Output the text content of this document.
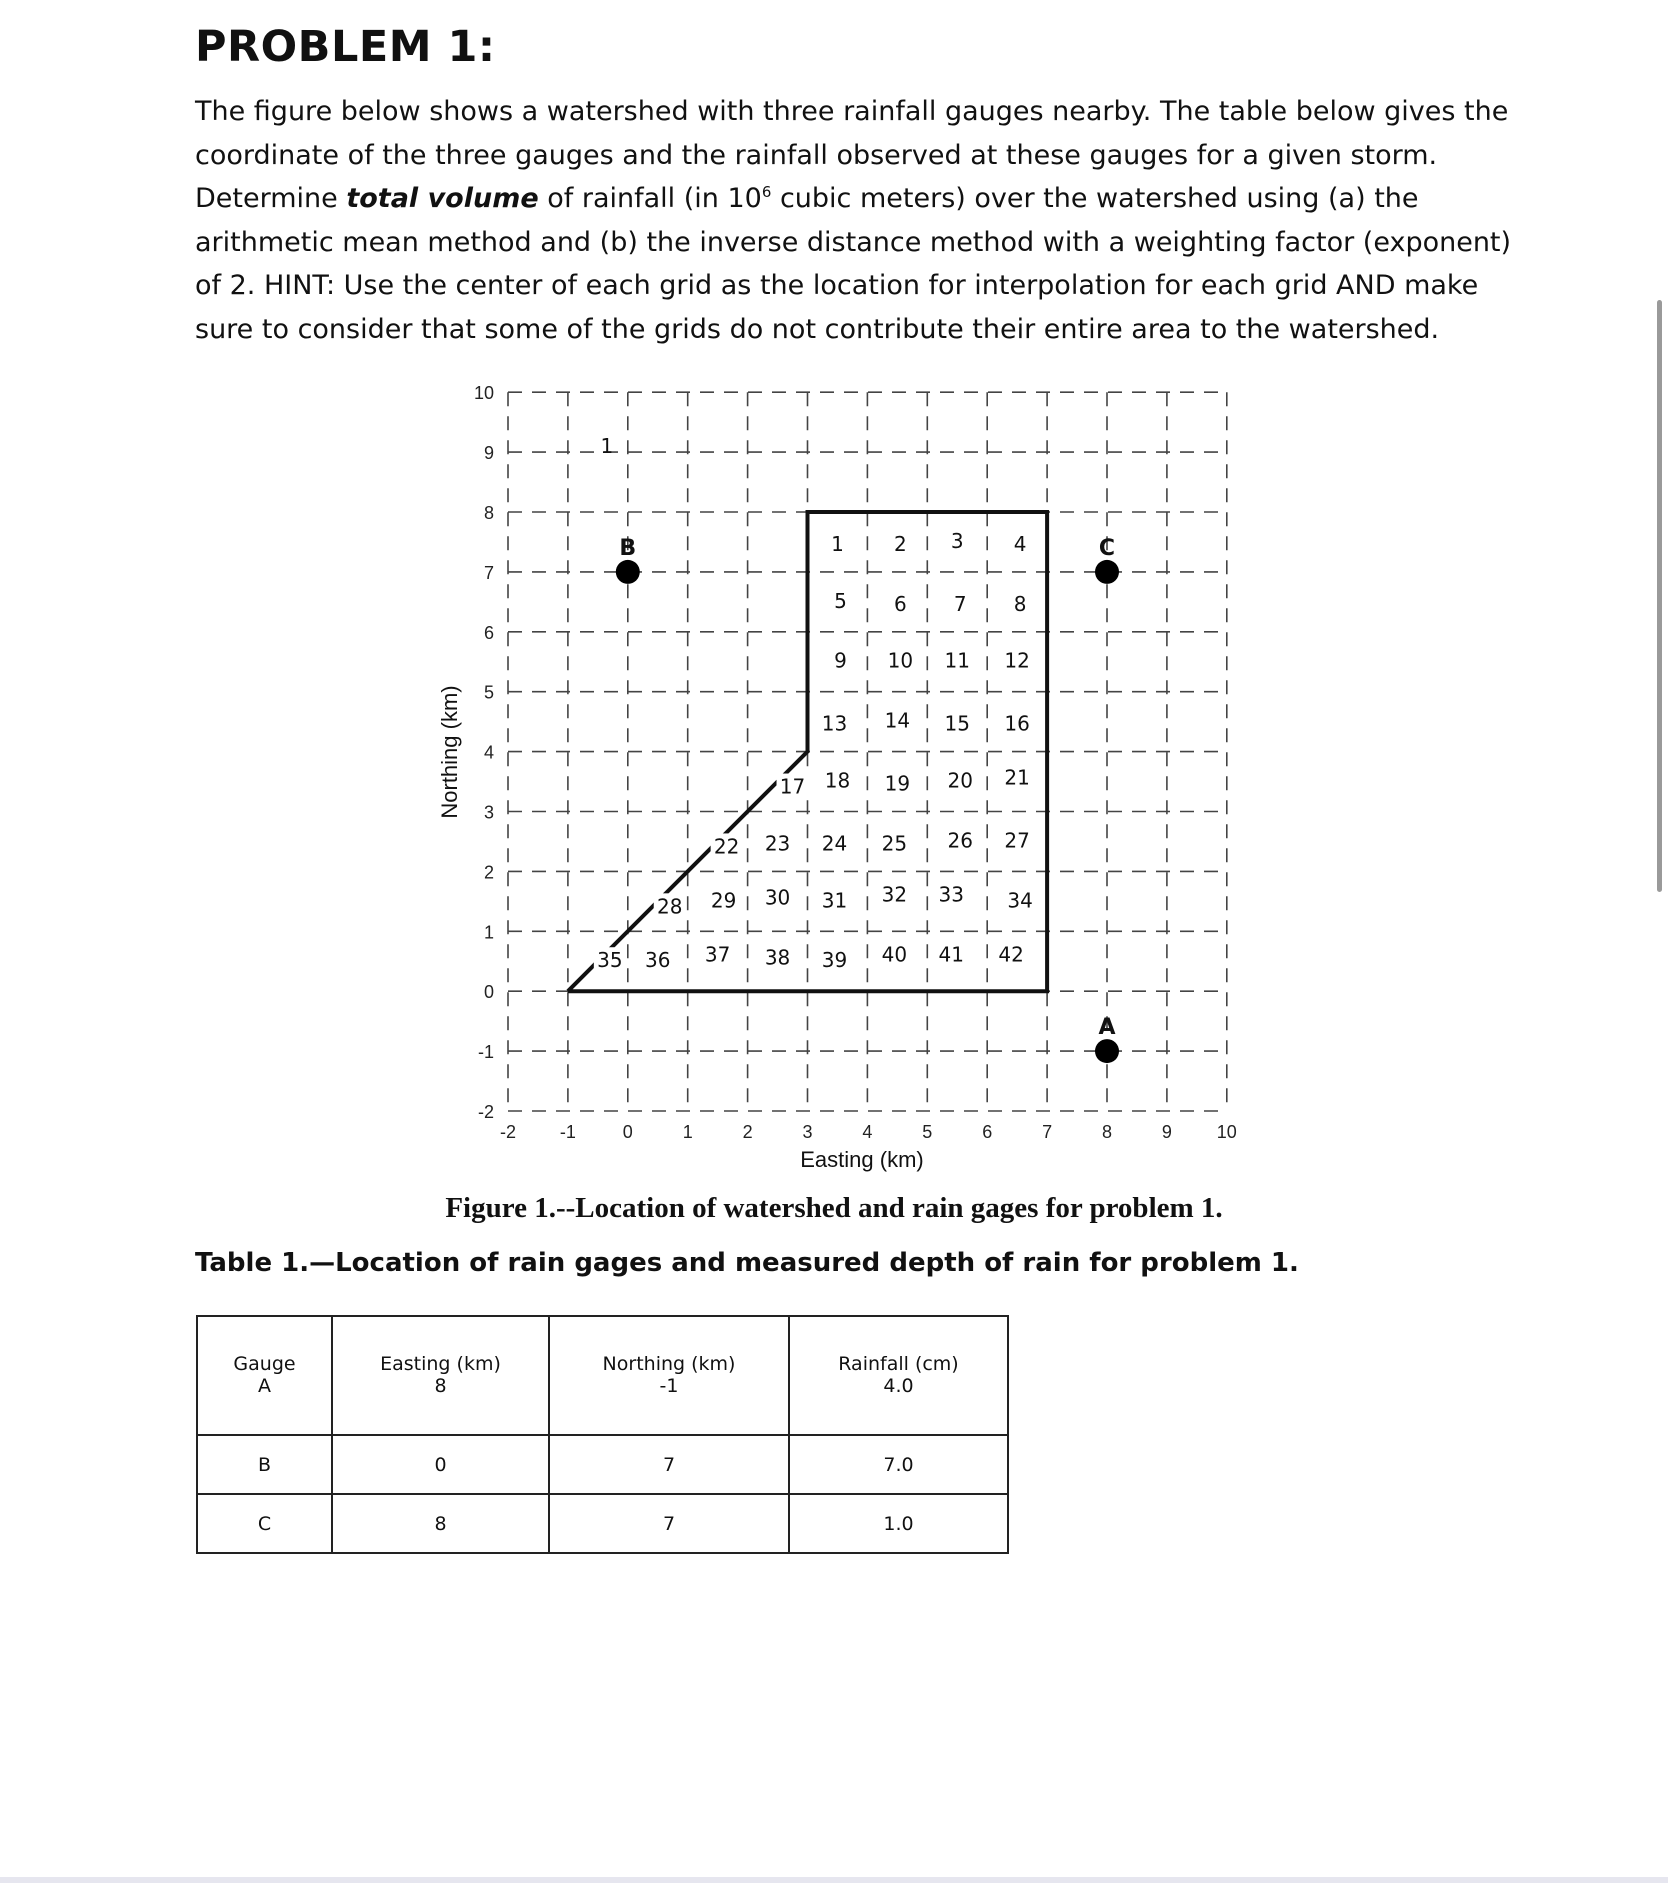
PROBLEM 1:

The figure below shows a watershed with three rainfall gauges nearby. The table below gives the coordinate of the three gauges and the rainfall observed at these gauges for a given storm. Determine total volume of rainfall (in $10^6$ cubic meters) over the watershed using (a) the arithmetic mean method and (b) the inverse distance method with a weighting factor (exponent) of 2. HINT: Use the center of each grid as the location for interpolation for each grid AND make sure to consider that some of the grids do not contribute their entire area to the watershed.

-2
-1
0
1
2
3
4
5
6
7
8
9
10
-2 -1	0	1	2	3	4	5	6	7	8	9 10
1	2 3	4
5 6 7 8
9 10 11 12
13 14 15 16
17 18 19 20 21
22 23 24 25 26 27
28 29 30 31 32 33 34
35 36 37 38 39 40 41 42
1
A
B	C
Easting (km)
Northing (km)
Figure 1.--Location of watershed and rain gages for problem 1.
Table 1.—Location of rain gages and measured depth of rain for problem 1.
Gauge	Easting (km)	Northing (km)	Rainfall (cm)
A	8	-1	4.0
B	0	7	7.0
C	8	7	1.0
